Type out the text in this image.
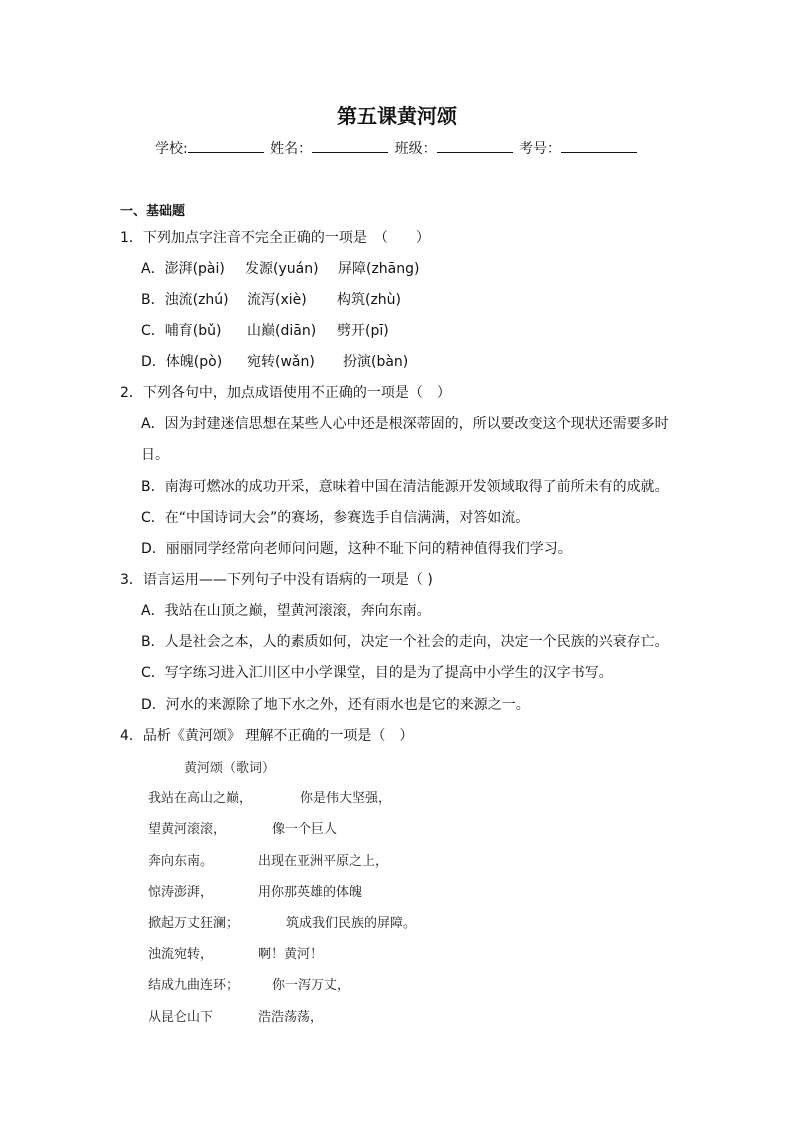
第五课黄河颂
学校:	姓名：	班级：	考号：
一、基础题
1．下列加点字注音不完全正确的一项是　（　　）
A．澎湃(pài) 发源(yuán) 屏障(zhāng)
B．浊流(zhú) 流泻(xiè) 构筑(zhù)
C．哺育(bǔ) 山巅(diān) 劈开(pī)
D．体魄(pò) 宛转(wǎn) 扮演(bàn)
2．下列各句中，加点成语使用不正确的一项是（　）
A．因为封建迷信思想在某些人心中还是根深蒂固的，所以要改变这个现状还需要多时
日。
B．南海可燃冰的成功开采，意味着中国在清洁能源开发领域取得了前所未有的成就。
C．在“中国诗词大会”的赛场，参赛选手自信满满，对答如流。
D．丽丽同学经常向老师问问题，这种不耻下问的精神值得我们学习。
3．语言运用——下列句子中没有语病的一项是（ )
A．我站在山顶之巅，望黄河滚滚，奔向东南。
B．人是社会之本，人的素质如何，决定一个社会的走向，决定一个民族的兴衰存亡。
C．写字练习进入汇川区中小学课堂，目的是为了提高中小学生的汉字书写。
D．河水的来源除了地下水之外，还有雨水也是它的来源之一。
4．品析《黄河颂》 理解不正确的一项是（　）
黄河颂（歌词）
我站在高山之巅，	你是伟大坚强，
望黄河滚滚，	像一个巨人
奔向东南。	出现在亚洲平原之上，
惊涛澎湃，	用你那英雄的体魄
掀起万丈狂澜；	筑成我们民族的屏障。
浊流宛转，	啊！黄河！
结成九曲连环；	你一泻万丈，
从昆仑山下	浩浩荡荡，
